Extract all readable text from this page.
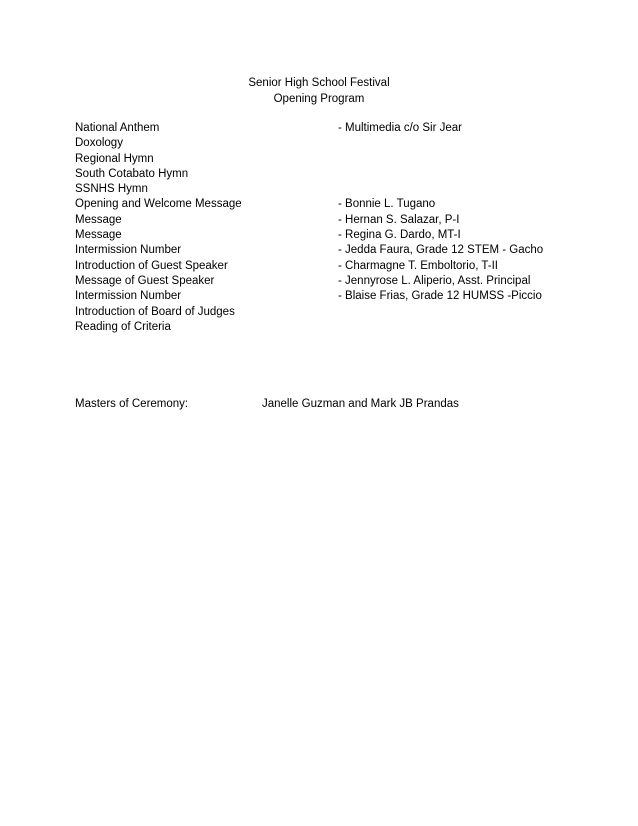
Senior High School Festival
Opening Program
National Anthem	- Multimedia c/o Sir Jear
Doxology
Regional Hymn
South Cotabato Hymn
SSNHS Hymn
Opening and Welcome Message	- Bonnie L. Tugano
Message	- Hernan S. Salazar, P-I
Message	- Regina G. Dardo, MT-I
Intermission Number	- Jedda Faura, Grade 12 STEM - Gacho
Introduction of Guest Speaker	- Charmagne T. Emboltorio, T-II
Message of Guest Speaker	- Jennyrose L. Aliperio, Asst. Principal
Intermission Number	- Blaise Frias, Grade 12 HUMSS -Piccio
Introduction of Board of Judges
Reading of Criteria
Masters of Ceremony:	Janelle Guzman and Mark JB Prandas
